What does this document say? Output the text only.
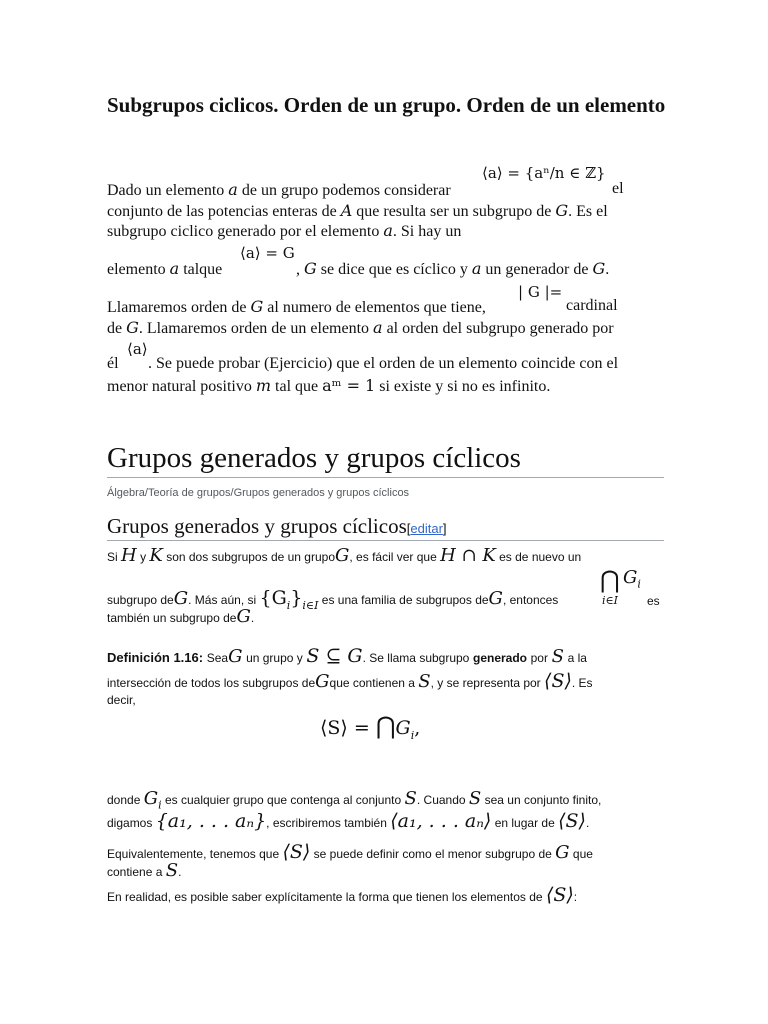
Subgrupos ciclicos. Orden de un grupo. Orden de un elemento
⟨a⟩ = {aⁿ/n ∈ ℤ}
Dado un elemento a de un grupo podemos considerar	el
conjunto de las potencias enteras de A que resulta ser un subgrupo de G. Es el
subgrupo ciclico generado por el elemento a. Si hay un
⟨a⟩ = G
elemento a talque	, G se dice que es cíclico y a un generador de G.
Llamaremos orden de G al numero de elementos que tiene,
| G |=
cardinal
de G. Llamaremos orden de un elemento a al orden del subgrupo generado por
⟨a⟩
él . Se puede probar (Ejercicio) que el orden de un elemento coincide con el
menor natural positivo m tal que aᵐ = 1 si existe y si no es infinito.
Grupos generados y grupos cíclicos
Álgebra/Teoría de grupos/Grupos generados y grupos cíclicos
Grupos generados y grupos cíclicos[editar]
Si H y K son dos subgrupos de un grupoG, es fácil ver que H ∩ K es de nuevo un
⋂ $G_i$
subgrupo deG. Más aún, si $\{G_i\}_{i\in I}$ es una familia de subgrupos deG, entonces	i∈I es
también un subgrupo deG.
Definición 1.16: SeaG un grupo y S ⊆ G. Se llama subgrupo generado por S a la
intersección de todos los subgrupos deGque contienen a S, y se representa por ⟨S⟩. Es
decir,
⟨S⟩ = $⋂G_i$,
donde $G_i$ es cualquier grupo que contenga al conjunto S. Cuando S sea un conjunto finito,
digamos {a₁, . . . aₙ}, escribiremos también ⟨a₁, . . . aₙ⟩ en lugar de ⟨S⟩.
Equivalentemente, tenemos que ⟨S⟩ se puede definir como el menor subgrupo de G que
contiene a S.
En realidad, es posible saber explícitamente la forma que tienen los elementos de ⟨S⟩:
